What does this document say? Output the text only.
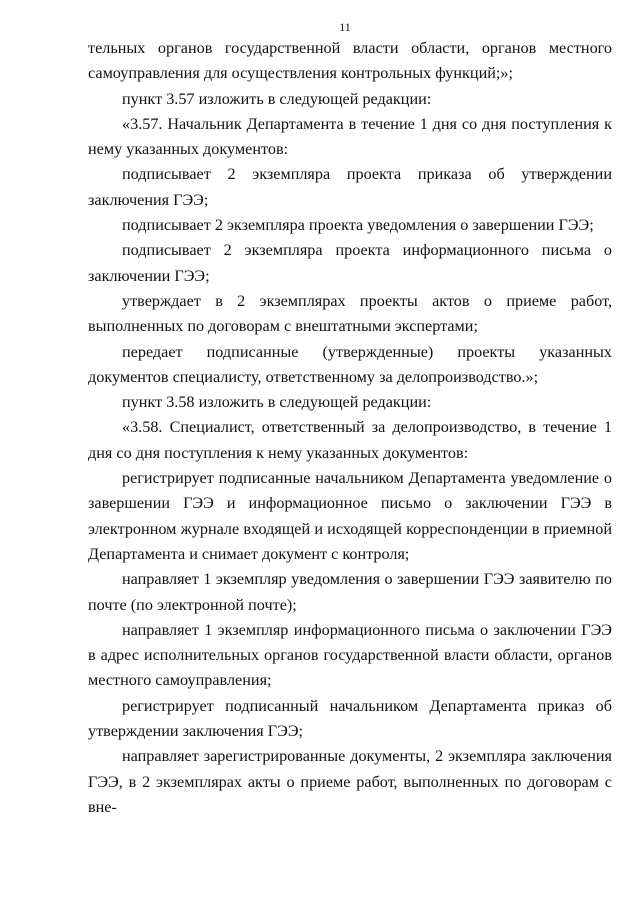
11

тельных органов государственной власти области, органов местного самоуправления для осуществления контрольных функций;»;

пункт 3.57 изложить в следующей редакции:

«3.57. Начальник Департамента в течение 1 дня со дня поступления к нему указанных документов:

подписывает 2 экземпляра проекта приказа об утверждении заключения ГЭЭ;

подписывает 2 экземпляра проекта уведомления о завершении ГЭЭ;

подписывает 2 экземпляра проекта информационного письма о заключении ГЭЭ;

утверждает в 2 экземплярах проекты актов о приеме работ, выполненных по договорам с внештатными экспертами;

передает подписанные (утвержденные) проекты указанных документов специалисту, ответственному за делопроизводство.»;

пункт 3.58 изложить в следующей редакции:

«3.58. Специалист, ответственный за делопроизводство, в течение 1 дня со дня поступления к нему указанных документов:

регистрирует подписанные начальником Департамента уведомление о завершении ГЭЭ и информационное письмо о заключении ГЭЭ в электронном журнале входящей и исходящей корреспонденции в приемной Департамента и снимает документ с контроля;

направляет 1 экземпляр уведомления о завершении ГЭЭ заявителю по почте (по электронной почте);

направляет 1 экземпляр информационного письма о заключении ГЭЭ в адрес исполнительных органов государственной власти области, органов местного самоуправления;

регистрирует подписанный начальником Департамента приказ об утверждении заключения ГЭЭ;

направляет зарегистрированные документы, 2 экземпляра заключения ГЭЭ, в 2 экземплярах акты о приеме работ, выполненных по договорам с вне-
